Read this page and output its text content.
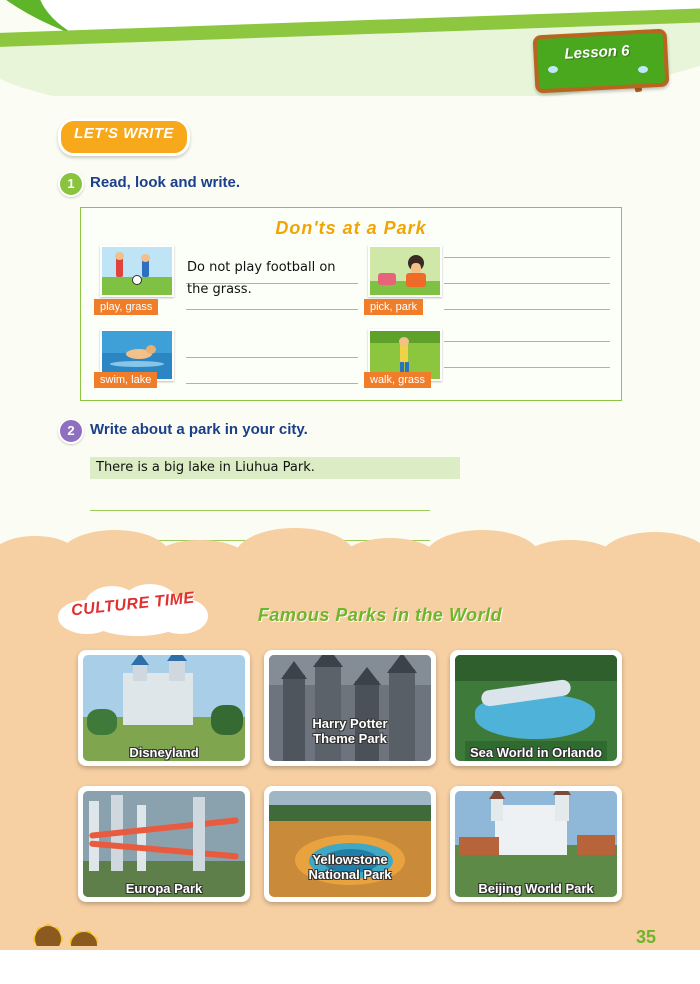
Lesson 6
LET'S WRITE
1	Read, look and write.
Don'ts at a Park
play, grass
Do not play football on
the grass.
pick, park
swim, lake	walk, grass
2	Write about a park in your city.
There is a big lake in Liuhua Park.
CULTURE TIME	Famous Parks in the World
Disneyland
Harry Potter
Theme Park
Sea World in Orlando
Europa Park
Yellowstone
National Park
Beijing World Park
35
